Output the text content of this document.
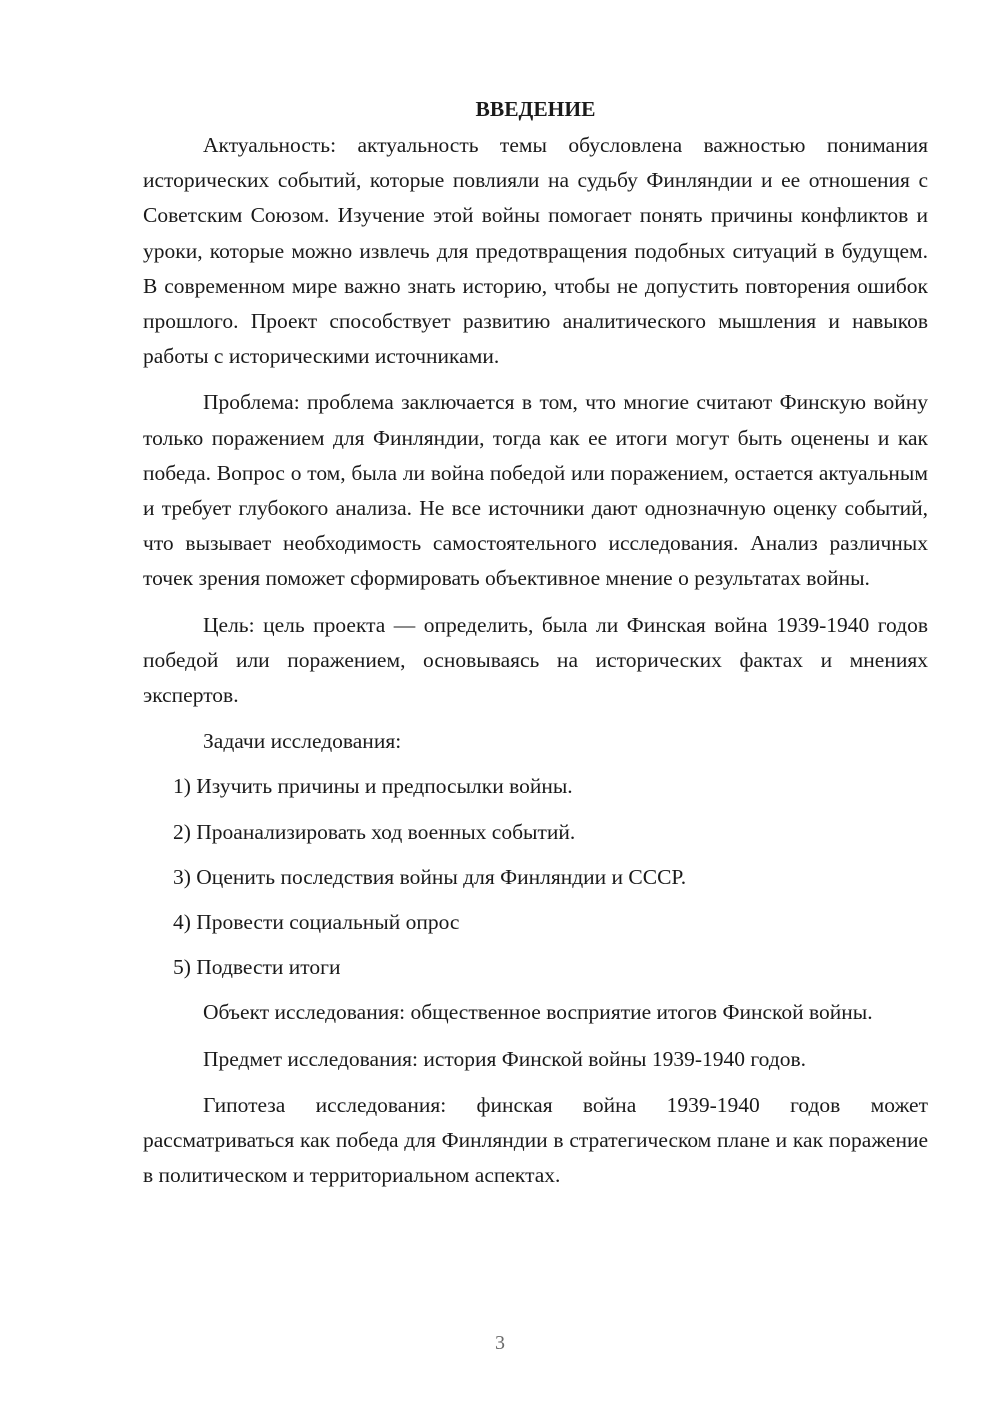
ВВЕДЕНИЕ

Актуальность: актуальность темы обусловлена важностью понимания исторических событий, которые повлияли на судьбу Финляндии и ее отношения с Советским Союзом. Изучение этой войны помогает понять причины конфликтов и уроки, которые можно извлечь для предотвращения подобных ситуаций в будущем. В современном мире важно знать историю, чтобы не допустить повторения ошибок прошлого. Проект способствует развитию аналитического мышления и навыков работы с историческими источниками.

Проблема: проблема заключается в том, что многие считают Финскую войну только поражением для Финляндии, тогда как ее итоги могут быть оценены и как победа. Вопрос о том, была ли война победой или поражением, остается актуальным и требует глубокого анализа. Не все источники дают однозначную оценку событий, что вызывает необходимость самостоятельного исследования. Анализ различных точек зрения поможет сформировать объективное мнение о результатах войны.

Цель: цель проекта — определить, была ли Финская война 1939-1940 годов победой или поражением, основываясь на исторических фактах и мнениях экспертов.

Задачи исследования:

1) Изучить причины и предпосылки войны.
2) Проанализировать ход военных событий.
3) Оценить последствия войны для Финляндии и СССР.
4) Провести социальный опрос
5) Подвести итоги

Объект исследования: общественное восприятие итогов Финской войны.

Предмет исследования: история Финской войны 1939-1940 годов.

Гипотеза исследования: финская война 1939-1940 годов может рассматриваться как победа для Финляндии в стратегическом плане и как поражение в политическом и территориальном аспектах.

3
